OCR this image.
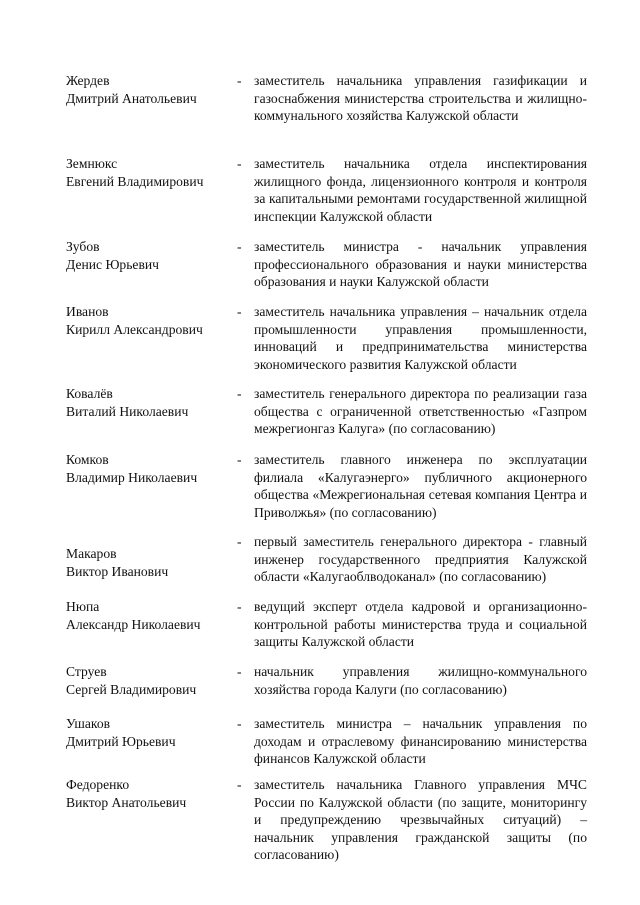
Жердев
Дмитрий Анатольевич
- заместитель начальника управления газификации и газоснабжения министерства строительства и жилищно-коммунального хозяйства Калужской области
Земнюкс
Евгений Владимирович
- заместитель начальника отдела инспектирования жилищного фонда, лицензионного контроля и контроля за капитальными ремонтами государственной жилищной инспекции Калужской области
Зубов
Денис Юрьевич
- заместитель министра - начальник управления профессионального образования и науки министерства образования и науки Калужской области
Иванов
Кирилл Александрович
- заместитель начальника управления – начальник отдела промышленности управления промышленности, инноваций и предпринимательства министерства экономического развития Калужской области
Ковалёв
Виталий Николаевич
- заместитель генерального директора по реализации газа общества с ограниченной ответственностью «Газпром межрегионгаз Калуга» (по согласованию)
Комков
Владимир Николаевич
- заместитель главного инженера по эксплуатации филиала «Калугаэнерго» публичного акционерного общества «Межрегиональная сетевая компания Центра и Приволжья» (по согласованию)
Макаров
Виктор Иванович
- первый заместитель генерального директора - главный инженер государственного предприятия Калужской области «Калугаоблводоканал» (по согласованию)
Нюпа
Александр Николаевич
- ведущий эксперт отдела кадровой и организационно-контрольной работы министерства труда и социальной защиты Калужской области
Струев
Сергей Владимирович
- начальник управления жилищно-коммунального хозяйства города Калуги (по согласованию)
Ушаков
Дмитрий Юрьевич
- заместитель министра – начальник управления по доходам и отраслевому финансированию министерства финансов Калужской области
Федоренко
Виктор Анатольевич
- заместитель начальника Главного управления МЧС России по Калужской области (по защите, мониторингу и предупреждению чрезвычайных ситуаций) – начальник управления гражданской защиты (по согласованию)
